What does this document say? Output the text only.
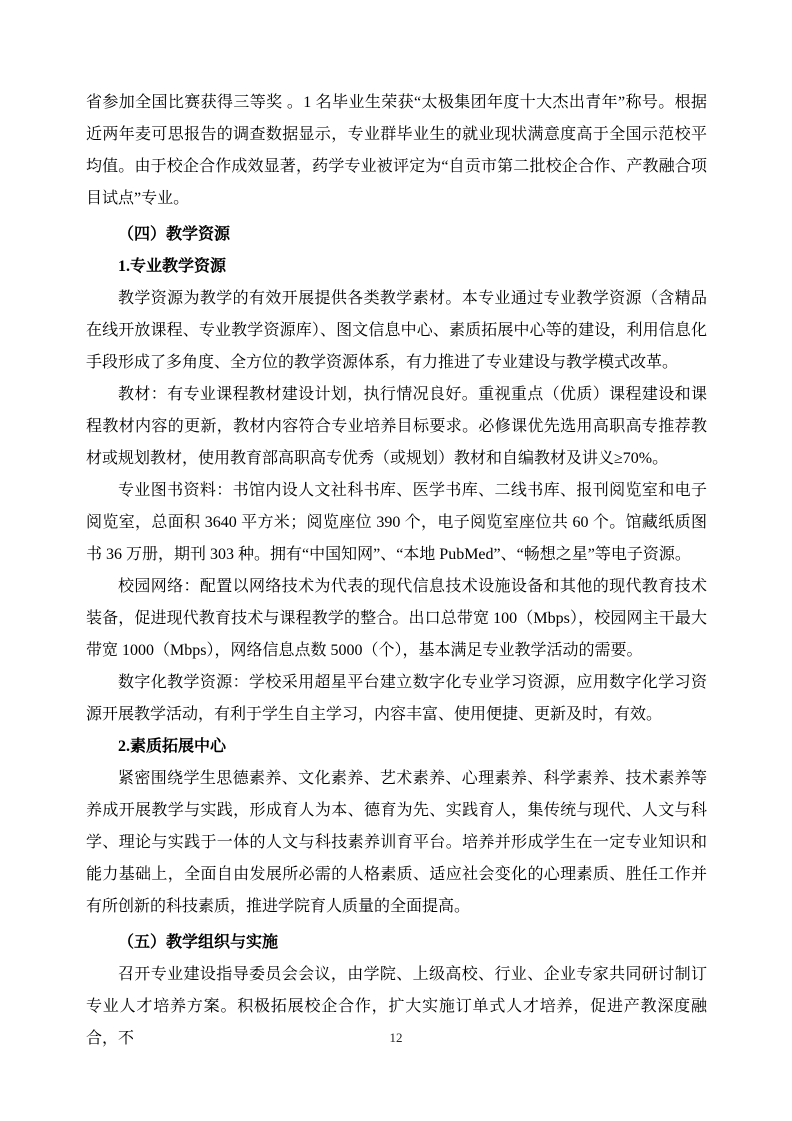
省参加全国比赛获得三等奖 。1 名毕业生荣获“太极集团年度十大杰出青年”称号。根据近两年麦可思报告的调查数据显示，专业群毕业生的就业现状满意度高于全国示范校平均值。由于校企合作成效显著，药学专业被评定为“自贡市第二批校企合作、产教融合项目试点”专业。

（四）教学资源

1.专业教学资源

教学资源为教学的有效开展提供各类教学素材。本专业通过专业教学资源（含精品在线开放课程、专业教学资源库）、图文信息中心、素质拓展中心等的建设，利用信息化手段形成了多角度、全方位的教学资源体系，有力推进了专业建设与教学模式改革。

教材：有专业课程教材建设计划，执行情况良好。重视重点（优质）课程建设和课程教材内容的更新，教材内容符合专业培养目标要求。必修课优先选用高职高专推荐教材或规划教材，使用教育部高职高专优秀（或规划）教材和自编教材及讲义≥70%。

专业图书资料：书馆内设人文社科书库、医学书库、二线书库、报刊阅览室和电子阅览室，总面积 3640 平方米；阅览座位 390 个，电子阅览室座位共 60 个。馆藏纸质图书 36 万册，期刊 303 种。拥有“中国知网”、“本地 PubMed”、“畅想之星”等电子资源。

校园网络：配置以网络技术为代表的现代信息技术设施设备和其他的现代教育技术装备，促进现代教育技术与课程教学的整合。出口总带宽 100（Mbps），校园网主干最大带宽 1000（Mbps），网络信息点数 5000（个），基本满足专业教学活动的需要。

数字化教学资源：学校采用超星平台建立数字化专业学习资源，应用数字化学习资源开展教学活动，有利于学生自主学习，内容丰富、使用便捷、更新及时，有效。

2.素质拓展中心

紧密围绕学生思德素养、文化素养、艺术素养、心理素养、科学素养、技术素养等养成开展教学与实践，形成育人为本、德育为先、实践育人，集传统与现代、人文与科学、理论与实践于一体的人文与科技素养训育平台。培养并形成学生在一定专业知识和能力基础上，全面自由发展所必需的人格素质、适应社会变化的心理素质、胜任工作并有所创新的科技素质，推进学院育人质量的全面提高。

（五）教学组织与实施

召开专业建设指导委员会会议，由学院、上级高校、行业、企业专家共同研讨制订专业人才培养方案。积极拓展校企合作，扩大实施订单式人才培养，促进产教深度融合，不	12
